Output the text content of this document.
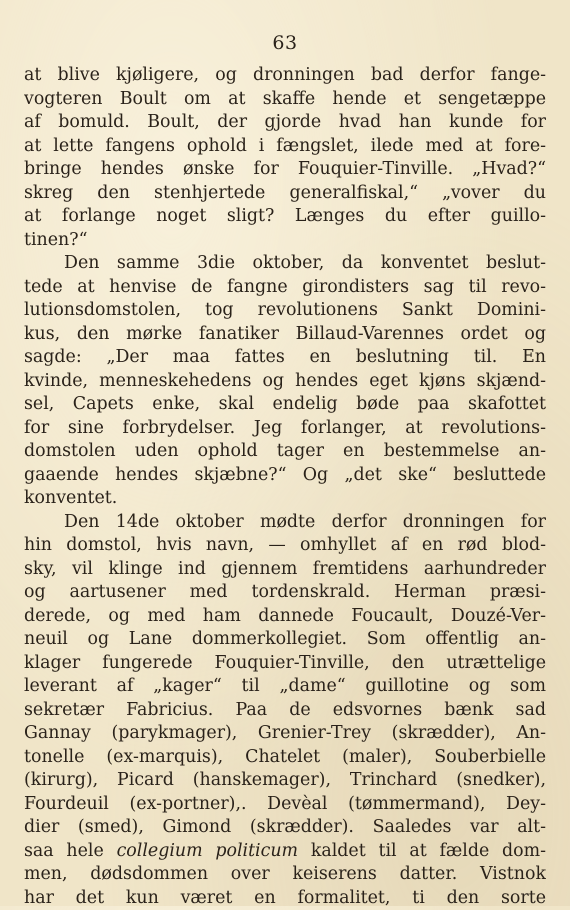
63
at blive kjøligere, og dronningen bad derfor fange-
vogteren Boult om at skaffe hende et sengetæppe
af bomuld. Boult, der gjorde hvad han kunde for
at lette fangens ophold i fængslet, ilede med at fore-
bringe hendes ønske for Fouquier-Tinville. „Hvad?“
skreg den stenhjertede generalfiskal,“ „vover du
at forlange noget sligt? Længes du efter guillo-
tinen?“
Den samme 3die oktober, da konventet beslut-
tede at henvise de fangne girondisters sag til revo-
lutionsdomstolen, tog revolutionens Sankt Domini-
kus, den mørke fanatiker Billaud-Varennes ordet og
sagde: „Der maa fattes en beslutning til. En
kvinde, menneskehedens og hendes eget kjøns skjænd-
sel, Capets enke, skal endelig bøde paa skafottet
for sine forbrydelser. Jeg forlanger, at revolutions-
domstolen uden ophold tager en bestemmelse an-
gaaende hendes skjæbne?“ Og „det ske“ besluttede
konventet.
Den 14de oktober mødte derfor dronningen for
hin domstol, hvis navn, — omhyllet af en rød blod-
sky, vil klinge ind gjennem fremtidens aarhundreder
og aartusener med tordenskrald. Herman præsi-
derede, og med ham dannede Foucault, Douzé-Ver-
neuil og Lane dommerkollegiet. Som offentlig an-
klager fungerede Fouquier-Tinville, den utrættelige
leverant af „kager“ til „dame“ guillotine og som
sekretær Fabricius. Paa de edsvornes bænk sad
Gannay (parykmager), Grenier-Trey (skrædder), An-
tonelle (ex-marquis), Chatelet (maler), Souberbielle
(kirurg), Picard (hanskemager), Trinchard (snedker),
Fourdeuil (ex-portner),. Devèal (tømmermand), Dey-
dier (smed), Gimond (skrædder). Saaledes var alt-
saa hele collegium politicum kaldet til at fælde dom-
men, dødsdommen over keiserens datter. Vistnok
har det kun været en formalitet, ti den sorte
